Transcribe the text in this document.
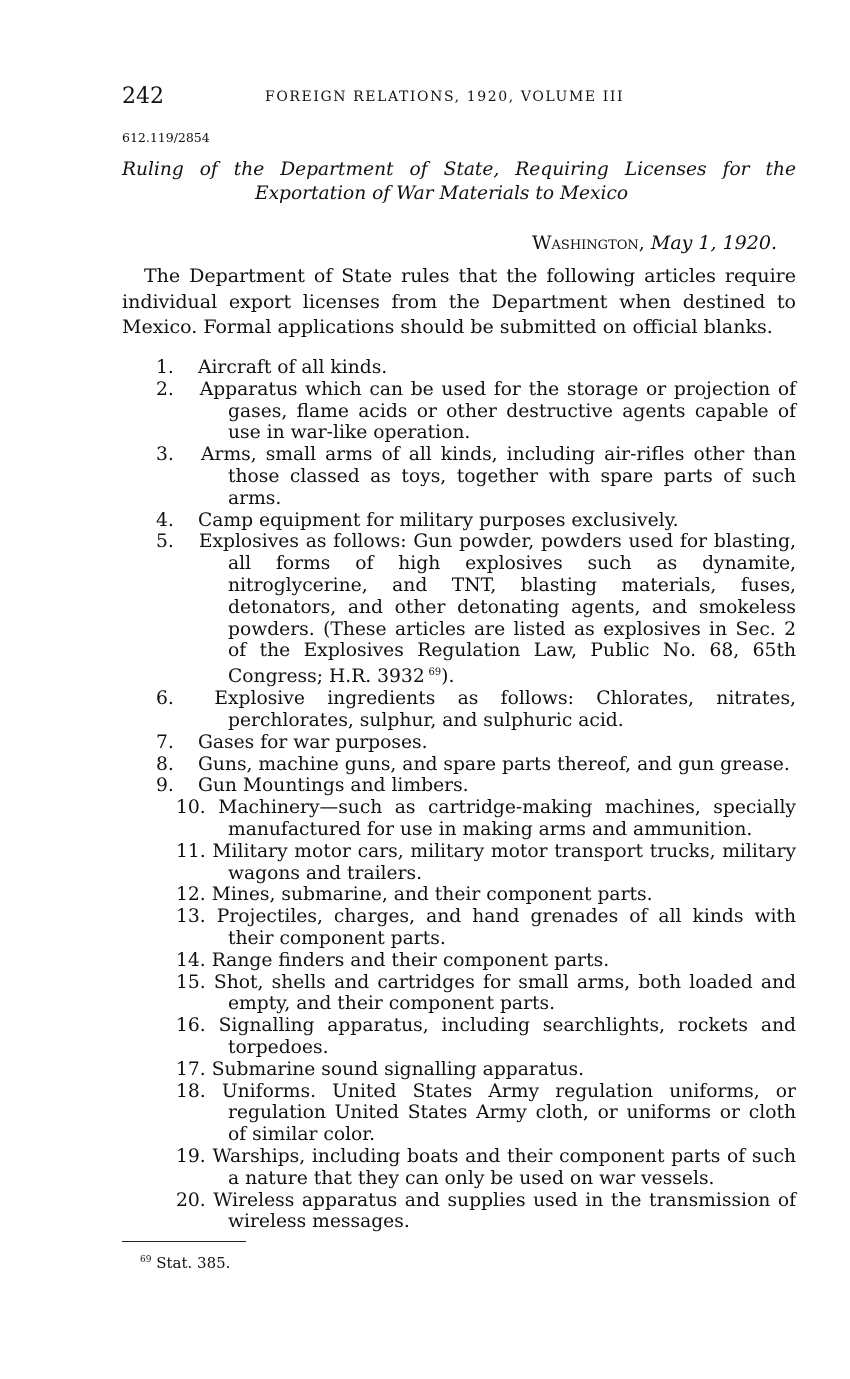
242	FOREIGN RELATIONS, 1920, VOLUME III
612.119/2854
Ruling of the Department of State, Requiring Licenses for the
Exportation of War Materials to Mexico
Washington, May 1, 1920.

The Department of State rules that the following articles require individual export licenses from the Department when destined to Mexico. Formal applications should be submitted on official blanks.

1. Aircraft of all kinds.
2. Apparatus which can be used for the storage or projection of gases, flame acids or other destructive agents capable of use in war-like operation.
3. Arms, small arms of all kinds, including air-rifles other than those classed as toys, together with spare parts of such arms.
4. Camp equipment for military purposes exclusively.
5. Explosives as follows: Gun powder, powders used for blasting, all forms of high explosives such as dynamite, nitroglycerine, and TNT, blasting materials, fuses, detonators, and other detonating agents, and smokeless powders. (These articles are listed as explosives in Sec. 2 of the Explosives Regulation Law, Public No. 68, 65th Congress; H.R. 3932  $^{69}$).
6. Explosive ingredients as follows: Chlorates, nitrates, perchlorates, sulphur, and sulphuric acid.
7. Gases for war purposes.
8. Guns, machine guns, and spare parts thereof, and gun grease.
9. Gun Mountings and limbers.
10. Machinery—such as cartridge-making machines, specially manufactured for use in making arms and ammunition.
11. Military motor cars, military motor transport trucks, military wagons and trailers.
12. Mines, submarine, and their component parts.
13. Projectiles, charges, and hand grenades of all kinds with their component parts.
14. Range finders and their component parts.
15. Shot, shells and cartridges for small arms, both loaded and empty, and their component parts.
16. Signalling apparatus, including searchlights, rockets and torpedoes.
17. Submarine sound signalling apparatus.
18. Uniforms. United States Army regulation uniforms, or regulation United States Army cloth, or uniforms or cloth of similar color.
19. Warships, including boats and their component parts of such a nature that they can only be used on war vessels.
20. Wireless apparatus and supplies used in the transmission of wireless messages.
$^{69}$ Stat. 385.
